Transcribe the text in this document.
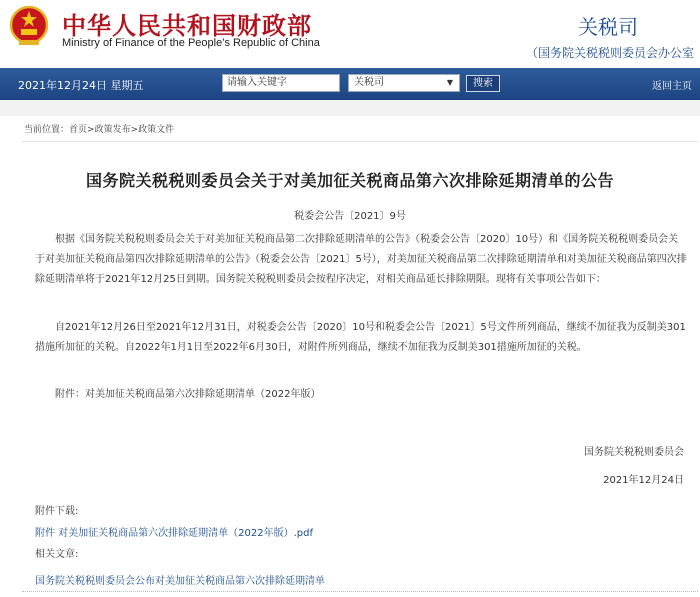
中华人民共和国财政部
Ministry of Finance of the People’s Republic of China
关税司
（国务院关税税则委员会办公室
2021年12月24日 星期五	请输入关键字	关税司	▼	搜索	返回主页
当前位置：首页>政策发布>政策文件
国务院关税税则委员会关于对美加征关税商品第六次排除延期清单的公告
税委会公告〔2021〕9号

根据《国务院关税税则委员会关于对美加征关税商品第二次排除延期清单的公告》（税委会公告〔2020〕10号）和《国务院关税税则委员会关于对美加征关税商品第四次排除延期清单的公告》（税委会公告〔2021〕5号），对美加征关税商品第二次排除延期清单和对美加征关税商品第四次排除延期清单将于2021年12月25日到期。国务院关税税则委员会按程序决定，对相关商品延长排除期限。现将有关事项公告如下：

自2021年12月26日至2021年12月31日，对税委会公告〔2020〕10号和税委会公告〔2021〕5号文件所列商品，继续不加征我为反制美301措施所加征的关税。自2022年1月1日至2022年6月30日，对附件所列商品，继续不加征我为反制美301措施所加征的关税。

附件：对美加征关税商品第六次排除延期清单（2022年版）

国务院关税税则委员会
2021年12月24日
附件下载:
附件 对美加征关税商品第六次排除延期清单（2022年版）.pdf
相关文章:
国务院关税税则委员会公布对美加征关税商品第六次排除延期清单
